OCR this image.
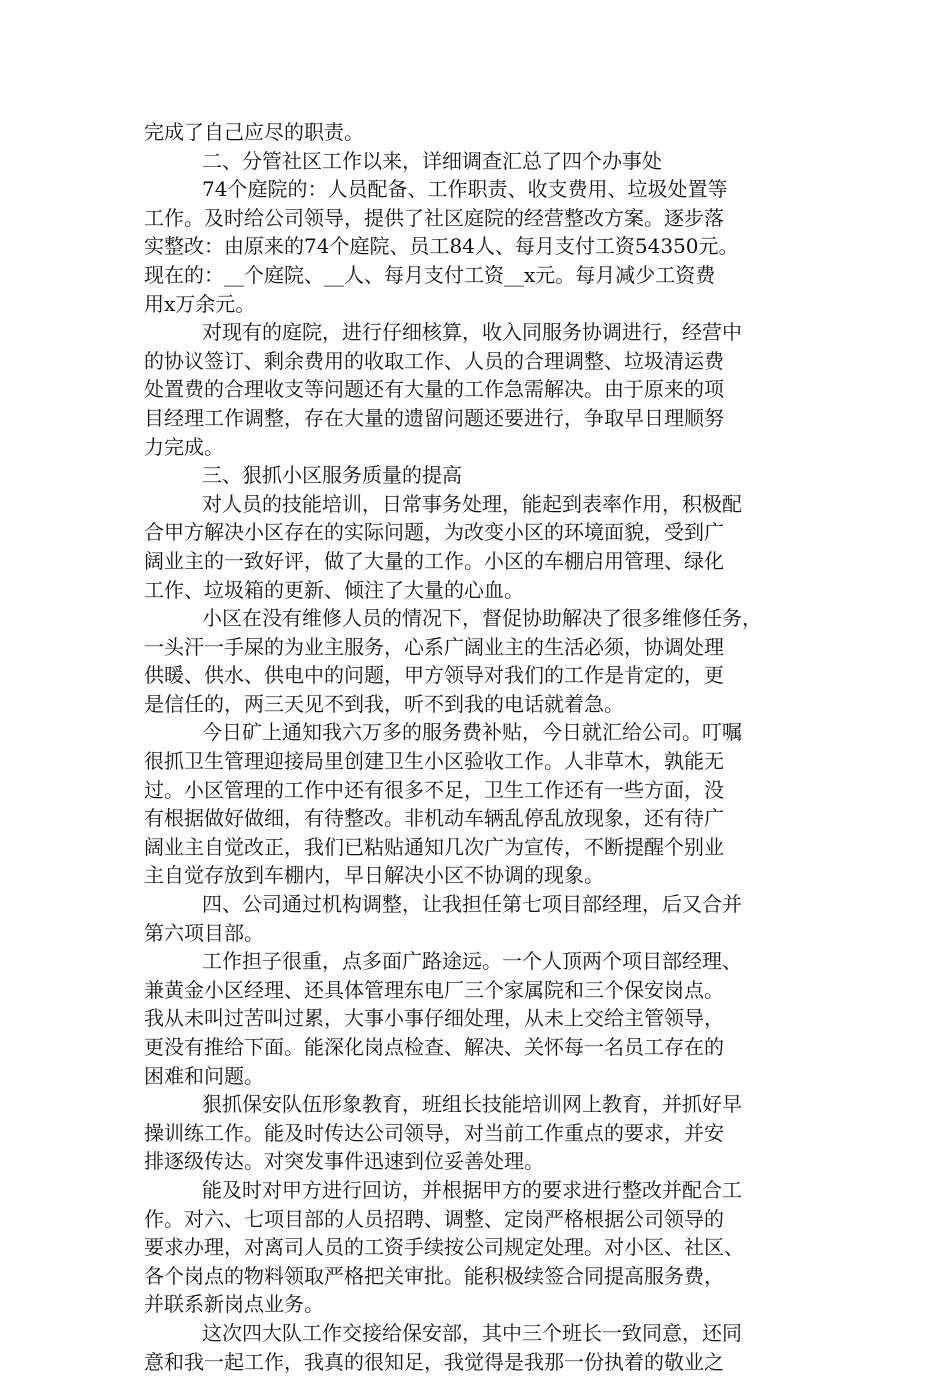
完成了自己应尽的职责。
二、分管社区工作以来，详细调查汇总了四个办事处
74个庭院的：人员配备、工作职责、收支费用、垃圾处置等
工作。及时给公司领导，提供了社区庭院的经营整改方案。逐步落
实整改：由原来的74个庭院、员工84人、每月支付工资54350元。
现在的：__个庭院、__人、每月支付工资__x元。每月减少工资费
用x万余元。
对现有的庭院，进行仔细核算，收入同服务协调进行，经营中
的协议签订、剩余费用的收取工作、人员的合理调整、垃圾清运费
处置费的合理收支等问题还有大量的工作急需解决。由于原来的项
目经理工作调整，存在大量的遗留问题还要进行，争取早日理顺努
力完成。
三、狠抓小区服务质量的提高
对人员的技能培训，日常事务处理，能起到表率作用，积极配
合甲方解决小区存在的实际问题，为改变小区的环境面貌，受到广
阔业主的一致好评，做了大量的工作。小区的车棚启用管理、绿化
工作、垃圾箱的更新、倾注了大量的心血。
小区在没有维修人员的情况下，督促协助解决了很多维修任务，
一头汗一手屎的为业主服务，心系广阔业主的生活必须，协调处理
供暖、供水、供电中的问题，甲方领导对我们的工作是肯定的，更
是信任的，两三天见不到我，听不到我的电话就着急。
今日矿上通知我六万多的服务费补贴，今日就汇给公司。叮嘱
很抓卫生管理迎接局里创建卫生小区验收工作。人非草木，孰能无
过。小区管理的工作中还有很多不足，卫生工作还有一些方面，没
有根据做好做细，有待整改。非机动车辆乱停乱放现象，还有待广
阔业主自觉改正，我们已粘贴通知几次广为宣传，不断提醒个别业
主自觉存放到车棚内，早日解决小区不协调的现象。
四、公司通过机构调整，让我担任第七项目部经理，后又合并
第六项目部。
工作担子很重，点多面广路途远。一个人顶两个项目部经理、
兼黄金小区经理、还具体管理东电厂三个家属院和三个保安岗点。
我从未叫过苦叫过累，大事小事仔细处理，从未上交给主管领导，
更没有推给下面。能深化岗点检查、解决、关怀每一名员工存在的
困难和问题。
狠抓保安队伍形象教育，班组长技能培训网上教育，并抓好早
操训练工作。能及时传达公司领导，对当前工作重点的要求，并安
排逐级传达。对突发事件迅速到位妥善处理。
能及时对甲方进行回访，并根据甲方的要求进行整改并配合工
作。对六、七项目部的人员招聘、调整、定岗严格根据公司领导的
要求办理，对离司人员的工资手续按公司规定处理。对小区、社区、
各个岗点的物料领取严格把关审批。能积极续签合同提高服务费，
并联系新岗点业务。
这次四大队工作交接给保安部，其中三个班长一致同意，还同
意和我一起工作，我真的很知足，我觉得是我那一份执着的敬业之
